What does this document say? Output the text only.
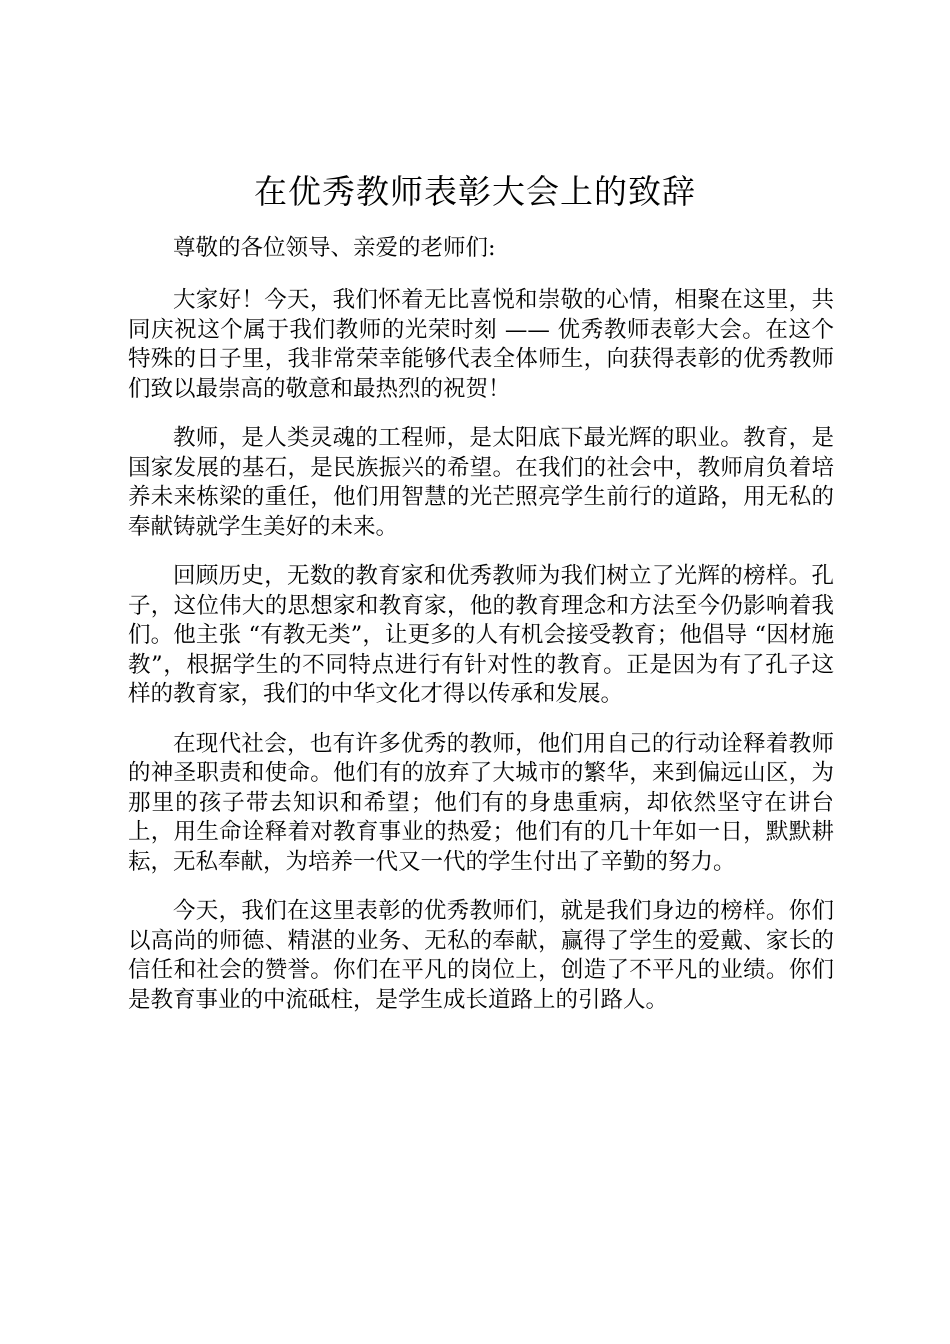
在优秀教师表彰大会上的致辞

尊敬的各位领导、亲爱的老师们:

大家好！今天，我们怀着无比喜悦和崇敬的心情，相聚在这里，共同庆祝这个属于我们教师的光荣时刻 —— 优秀教师表彰大会。在这个特殊的日子里，我非常荣幸能够代表全体师生，向获得表彰的优秀教师们致以最崇高的敬意和最热烈的祝贺！

教师，是人类灵魂的工程师，是太阳底下最光辉的职业。教育，是国家发展的基石，是民族振兴的希望。在我们的社会中，教师肩负着培养未来栋梁的重任，他们用智慧的光芒照亮学生前行的道路，用无私的奉献铸就学生美好的未来。

回顾历史，无数的教育家和优秀教师为我们树立了光辉的榜样。孔子，这位伟大的思想家和教育家，他的教育理念和方法至今仍影响着我们。他主张 “有教无类”，让更多的人有机会接受教育；他倡导 “因材施教”，根据学生的不同特点进行有针对性的教育。正是因为有了孔子这样的教育家，我们的中华文化才得以传承和发展。

在现代社会，也有许多优秀的教师，他们用自己的行动诠释着教师的神圣职责和使命。他们有的放弃了大城市的繁华，来到偏远山区，为那里的孩子带去知识和希望；他们有的身患重病，却依然坚守在讲台上，用生命诠释着对教育事业的热爱；他们有的几十年如一日，默默耕耘，无私奉献，为培养一代又一代的学生付出了辛勤的努力。

今天，我们在这里表彰的优秀教师们，就是我们身边的榜样。你们以高尚的师德、精湛的业务、无私的奉献，赢得了学生的爱戴、家长的信任和社会的赞誉。你们在平凡的岗位上，创造了不平凡的业绩。你们是教育事业的中流砥柱，是学生成长道路上的引路人。
